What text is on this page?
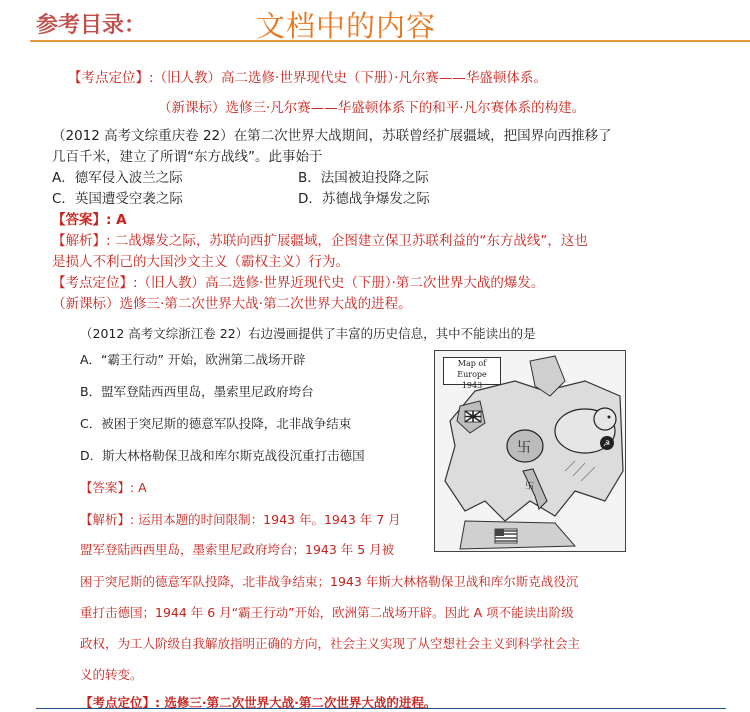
参考目录：	文档中的内容
【考点定位】:（旧人教）高二选修·世界现代史（下册）·凡尔赛——华盛顿体系。
（新课标）选修三·凡尔赛——华盛顿体系下的和平·凡尔赛体系的构建。
（2012 高考文综重庆卷 22）在第二次世界大战期间，苏联曾经扩展疆域，把国界向西推移了
几百千米，建立了所谓“东方战线”。此事始于
A．德军侵入波兰之际	B．法国被迫投降之际
C．英国遭受空袭之际	D．苏德战争爆发之际
【答案】: A
【解析】: 二战爆发之际，苏联向西扩展疆域，企图建立保卫苏联利益的“东方战线”，这也
是损人不利己的大国沙文主义（霸权主义）行为。
【考点定位】:（旧人教）高二选修·世界近现代史（下册）·第二次世界大战的爆发。
（新课标）选修三·第二次世界大战·第二次世界大战的进程。
（2012 高考文综浙江卷 22）右边漫画提供了丰富的历史信息，其中不能读出的是
A．“霸王行动” 开始，欧洲第二战场开辟
B．盟军登陆西西里岛，墨索里尼政府垮台
C．被困于突尼斯的德意军队投降，北非战争结束
D．斯大林格勒保卫战和库尔斯克战役沉重打击德国
【答案】: A
【解析】: 运用本题的时间限制：1943 年。1943 年 7 月
盟军登陆西西里岛，墨索里尼政府垮台；1943 年 5 月被
困于突尼斯的德意军队投降，北非战争结束；1943 年斯大林格勒保卫战和库尔斯克战役沉
重打击德国；1944 年 6 月“霸王行动”开始，欧洲第二战场开辟。因此 A 项不能读出阶级
政权，为工人阶级自我解放指明正确的方向，社会主义实现了从空想社会主义到科学社会主
义的转变。
【考点定位】: 选修三·第二次世界大战·第二次世界大战的进程。
☭
卐
卐
Map of Europe
1943
